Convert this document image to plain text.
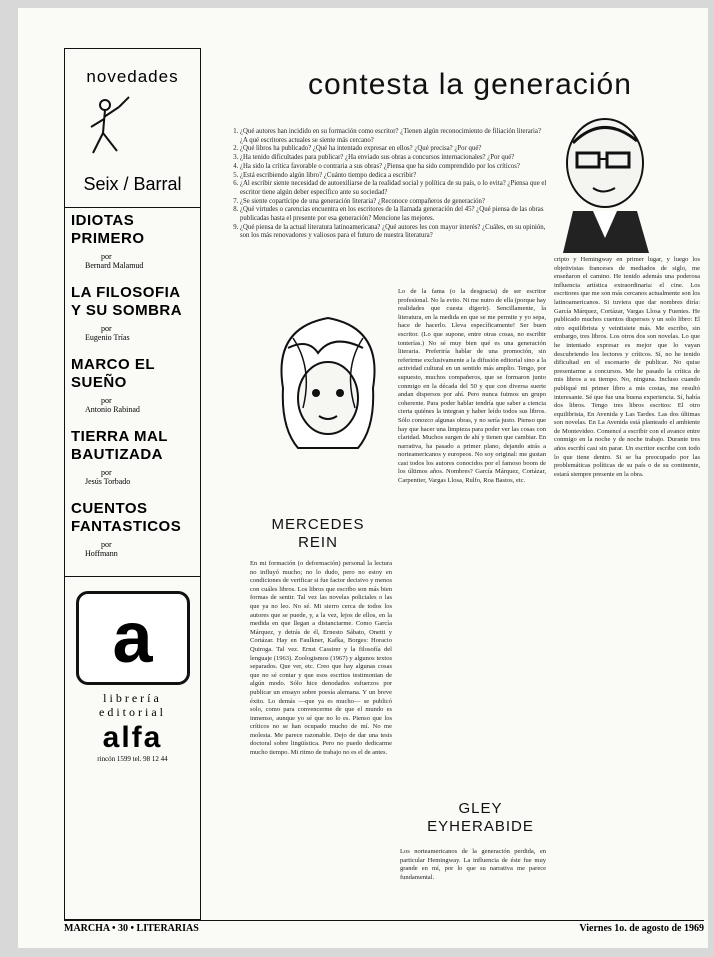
novedades
Seix / Barral
IDIOTAS PRIMERO
por
Bernard Malamud
LA FILOSOFIA Y SU SOMBRA
por
Eugenio Trías
MARCO EL SUEÑO
por
Antonio Rabinad
TIERRA MAL BAUTIZADA
por
Jesús Torbado
CUENTOS FANTASTICOS
por
Hoffmann
a
librería editorial
alfa
rincón 1599 tel. 98 12 44
contesta la generación
1. ¿Qué autores han incidido en su formación como escritor? ¿Tienen algún reconocimiento de filiación literaria? ¿A qué escritores actuales se siente más cercano?
2. ¿Qué libros ha publicado? ¿Qué ha intentado expresar en ellos? ¿Qué precisa? ¿Por qué?
3. ¿Ha tenido dificultades para publicar? ¿Ha enviado sus obras a concursos internacionales? ¿Por qué?
4. ¿Ha sido la crítica favorable o contraria a sus obras? ¿Piensa que ha sido comprendido por los críticos?
5. ¿Está escribiendo algún libro? ¿Cuánto tiempo dedica a escribir?
6. ¿Al escribir siente necesidad de autoexiliarse de la realidad social y política de su país, o lo evita? ¿Piensa que el escritor tiene algún deber específico ante su sociedad?
7. ¿Se siente copartícipe de una generación literaria? ¿Reconoce compañeros de generación?
8. ¿Qué virtudes o carencias encuentra en los escritores de la llamada generación del 45? ¿Qué piensa de las obras publicadas hasta el presente por esa generación? Mencione las mejores.
9. ¿Qué piensa de la actual literatura latinoamericana? ¿Qué autores les con mayor interés? ¿Cuáles, en su opinión, son los más renovadores y valiosos para el futuro de nuestra literatura?
MERCEDES REIN
En mi formación (o deformación) personal la lectura no influyó mucho; no lo dudo, pero no estoy en condiciones de verificar si fue factor decisivo y menos con cuáles libros. Los libros que escribo son más bien formas de sentir. Tal vez las novelas policiales o las que ya no leo. No sé. Mi sierro cerca de todos los autores que se puede, y, a la vez, lejos de ellos, en la medida en que llegan a distanciarme. Como García Márquez, y detrás de él, Ernesto Sábato, Onetti y Cortázar. Hay en Faulkner, Kafka, Borges: Horacio Quiroga. Tal vez. Ernst Cassirer y la filosofía del lenguaje (1963). Zoologismos (1967) y algunos textos separados. Que ver, etc. Creo que hay algunas cosas que no sé contar y que esos escritos testimonian de algún modo. Sólo hice denodados esfuerzos por publicar un ensayo sobre poesía alemana. Y un breve éxito. Lo demás —que ya es mucho— se publicó solo, como para convencerme de que el mundo es inmenso, aunque yo sé que no lo es. Pienso que los críticos no se han ocupado mucho de mí. No me molesta. Me parece razonable. Dejo de dar una tesis doctoral sobre lingüística. Pero no puedo dedicarme mucho tiempo. Mi ritmo de trabajo no es el de antes.
Lo de la fama (o la desgracia) de ser escritor profesional. No la evito. Ni me nutro de ella (porque hay realidades que cuesta digerir). Sencillamente, la literatura, en la medida en que se me permite y yo sepa, hace de hacerlo. Lleva específicamente! Ser buen escritor. (Lo que supone, entre otras cosas, no escribir tonterías.) No sé muy bien qué es una generación literaria. Preferiría hablar de una promoción, sin referirme exclusivamente a la difusión editorial sino a la actividad cultural en un sentido más amplio. Tengo, por supuesto, muchos compañeros, que se formaron junto conmigo en la década del 50 y que con diversa suerte andan dispersos por ahí. Pero nunca fuimos un grupo coherente. Para poder hablar tendría que saber a ciencia cierta quiénes la integran y haber leído todos sus libros. Sólo conozco algunas obras, y no sería justo. Pienso que hay que hacer una limpieza para poder ver las cosas con claridad. Muchos surgen de ahí y tienen que cambiar. En narrativa, ha pasado a primer plano, dejando atrás a norteamericanos y europeos. No soy original: me gustan casi todos los autores conocidos por el famoso boom de los últimos años. Nombres? García Márquez, Cortázar, Carpentier, Vargas Llosa, Rulfo, Roa Bastos, etc.
GLEY EYHERABIDE
Los norteamericanos de la generación perdida, en particular Hemingway. La influencia de éste fue muy grande en mí, por lo que su narrativa me parece fundamental.
cripto y Hemingway en primer lugar, y luego los objetivistas franceses de mediados de siglo, me enseñaron el camino. He tenido además una poderosa influencia artística extraordinaria: el cine. Los escritores que me son más cercanos actualmente son los latinoamericanos. Si tuviera que dar nombres diría: García Márquez, Cortázar, Vargas Llosa y Fuentes. He publicado muchos cuentos dispersos y un solo libro: El otro equilibrista y veintisiete más. Me escribo, sin embargo, tres libros. Los otros dos son novelas. Lo que he intentado expresar es mejor que lo vayan descubriendo los lectores y críticos. Sí, no he tenido dificultad en el escenario de publicar. No quise presentarme a concursos. Me he pasado la crítica de mis libros a su tiempo. No, ninguna. Incluso cuando publiqué mi primer libro a mis costas, me resultó interesante. Sé que fue una buena experiencia. Sí, había dos libros. Tengo tres libros escritos: El otro equilibrista, En Avenida y Las Tardes. Las dos últimas son novelas. En La Avenida está planteado el ambiente de Montevideo. Comencé a escribir con el avance entre conmigo en la noche y de noche trabajo. Durante tres años escribí casi sin parar. Un escritor escribe con todo lo que tiene dentro. Si se ha preocupado por las problemáticas políticas de su país o de su continente, estará siempre presente en la obra.
MARCHA • 30 • LITERARIAS	Viernes 1o. de agosto de 1969
